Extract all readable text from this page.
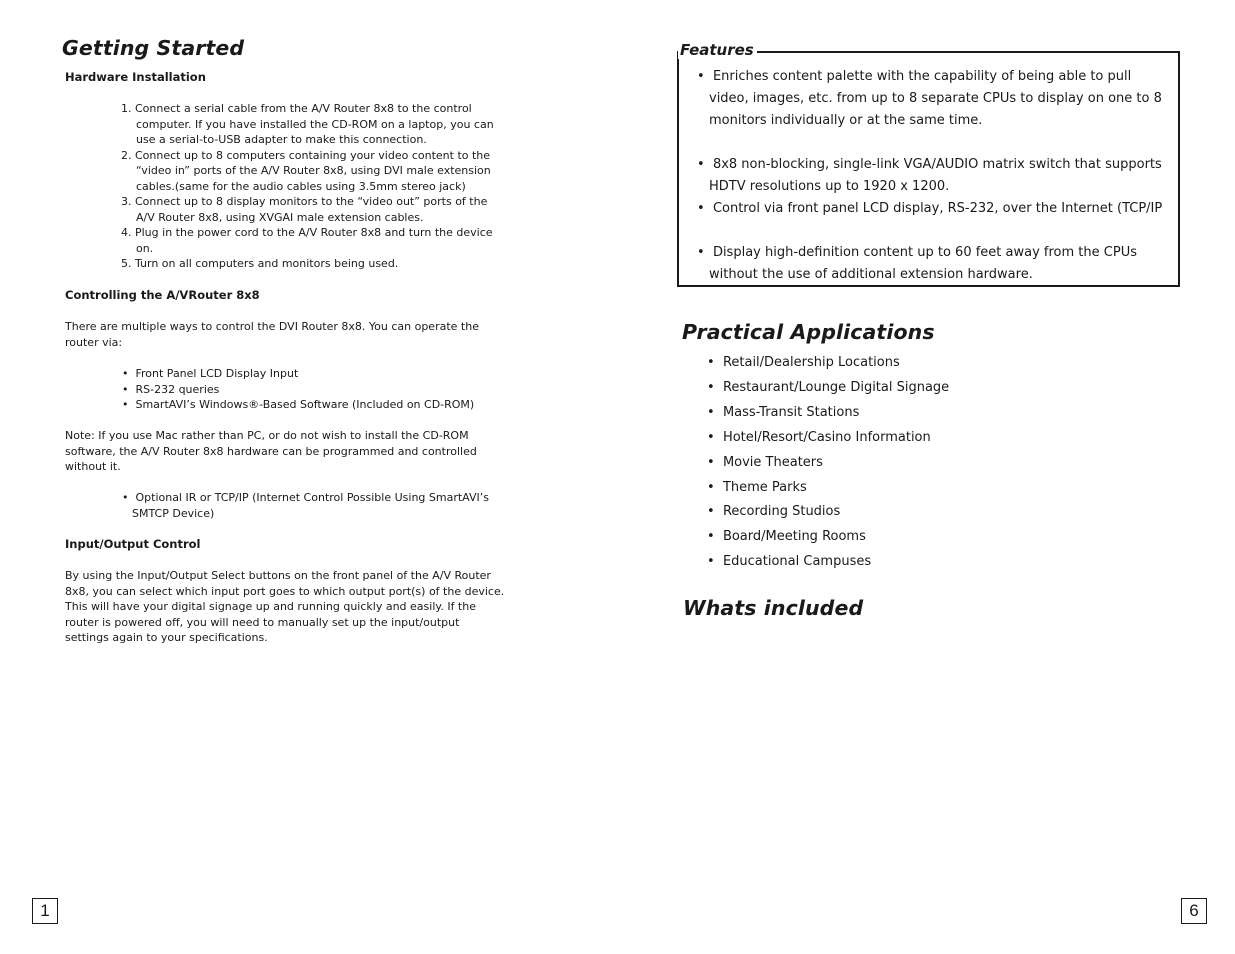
Getting Started
Hardware Installation
1. Connect a serial cable from the A/V Router 8x8 to the control computer. If you have installed the CD-ROM on a laptop, you can use a serial-to-USB adapter to make this connection.
2. Connect up to 8 computers containing your video content to the “video in” ports of the A/V Router 8x8, using DVI male extension cables.(same for the audio cables using 3.5mm stereo jack)
3. Connect up to 8 display monitors to the “video out” ports of the A/V Router 8x8, using XVGAI male extension cables.
4. Plug in the power cord to the A/V Router 8x8 and turn the device on.
5. Turn on all computers and monitors being used.
Controlling the A/VRouter 8x8

There are multiple ways to control the DVI Router 8x8. You can operate the router via:

•  Front Panel LCD Display Input
•  RS-232 queries
•  SmartAVI’s Windows®-Based Software (Included on CD-ROM)

Note: If you use Mac rather than PC, or do not wish to install the CD-ROM software, the A/V Router 8x8 hardware can be programmed and controlled without it.

•  Optional IR or TCP/IP (Internet Control Possible Using SmartAVI’s SMTCP Device)
Input/Output Control

By using the Input/Output Select buttons on the front panel of the A/V Router 8x8, you can select which input port goes to which output port(s) of the device. This will have your digital signage up and running quickly and easily. If the router is powered off, you will need to manually set up the input/output settings again to your specifications.

1
Features
•  Enriches content palette with the capability of being able to pull video, images, etc. from up to 8 separate CPUs to display on one to 8 monitors individually or at the same time.
•  8x8 non-blocking, single-link VGA/AUDIO matrix switch that supports HDTV resolutions up to 1920 x 1200.
•  Control via front panel LCD display, RS-232, over the Internet (TCP/IP
•  Display high-definition content up to 60 feet away from the CPUs without the use of additional extension hardware.
Practical Applications
•  Retail/Dealership Locations
•  Restaurant/Lounge Digital Signage
•  Mass-Transit Stations
•  Hotel/Resort/Casino Information
•  Movie Theaters
•  Theme Parks
•  Recording Studios
•  Board/Meeting Rooms
•  Educational Campuses
Whats included
6
